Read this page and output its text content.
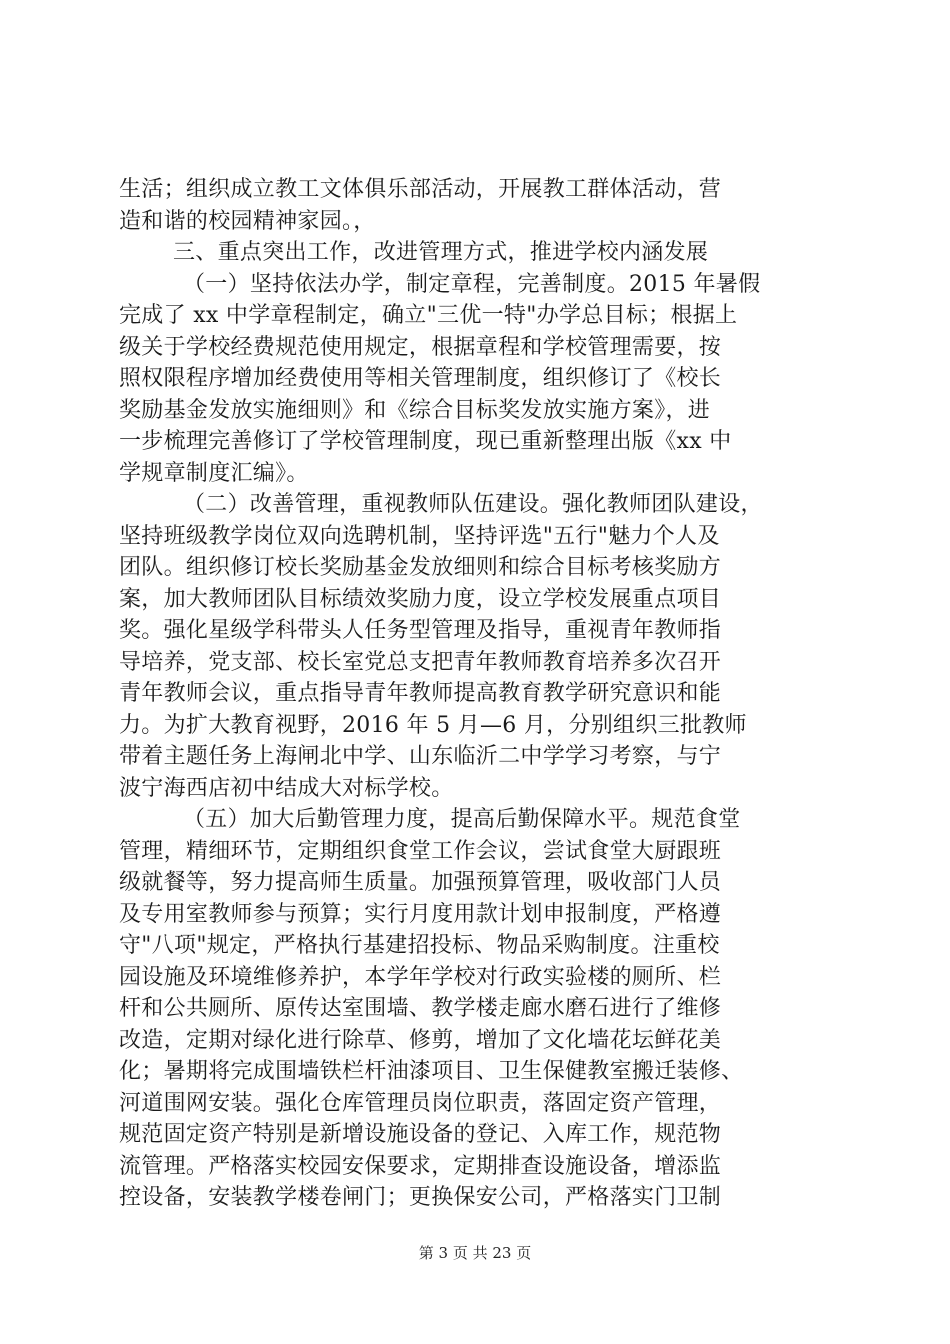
生活；组织成立教工文体俱乐部活动，开展教工群体活动，营
造和谐的校园精神家园。，
三、重点突出工作，改进管理方式，推进学校内涵发展
（一）坚持依法办学，制定章程，完善制度。2015 年暑假
完成了 xx 中学章程制定，确立"三优一特"办学总目标；根据上
级关于学校经费规范使用规定，根据章程和学校管理需要，按
照权限程序增加经费使用等相关管理制度，组织修订了《校长
奖励基金发放实施细则》和《综合目标奖发放实施方案》，进
一步梳理完善修订了学校管理制度，现已重新整理出版《xx 中
学规章制度汇编》。
（二）改善管理，重视教师队伍建设。强化教师团队建设，
坚持班级教学岗位双向选聘机制，坚持评选"五行"魅力个人及
团队。组织修订校长奖励基金发放细则和综合目标考核奖励方
案，加大教师团队目标绩效奖励力度，设立学校发展重点项目
奖。强化星级学科带头人任务型管理及指导，重视青年教师指
导培养，党支部、校长室党总支把青年教师教育培养多次召开
青年教师会议，重点指导青年教师提高教育教学研究意识和能
力。为扩大教育视野，2016 年 5 月—6 月，分别组织三批教师
带着主题任务上海闸北中学、山东临沂二中学学习考察，与宁
波宁海西店初中结成大对标学校。
（五）加大后勤管理力度，提高后勤保障水平。规范食堂
管理，精细环节，定期组织食堂工作会议，尝试食堂大厨跟班
级就餐等，努力提高师生质量。加强预算管理，吸收部门人员
及专用室教师参与预算；实行月度用款计划申报制度，严格遵
守"八项"规定，严格执行基建招投标、物品采购制度。注重校
园设施及环境维修养护，本学年学校对行政实验楼的厕所、栏
杆和公共厕所、原传达室围墙、教学楼走廊水磨石进行了维修
改造，定期对绿化进行除草、修剪，增加了文化墙花坛鲜花美
化；暑期将完成围墙铁栏杆油漆项目、卫生保健教室搬迁装修、
河道围网安装。强化仓库管理员岗位职责，落固定资产管理，
规范固定资产特别是新增设施设备的登记、入库工作，规范物
流管理。严格落实校园安保要求，定期排查设施设备，增添监
控设备，安装教学楼卷闸门；更换保安公司，严格落实门卫制
第 3 页 共 23 页
